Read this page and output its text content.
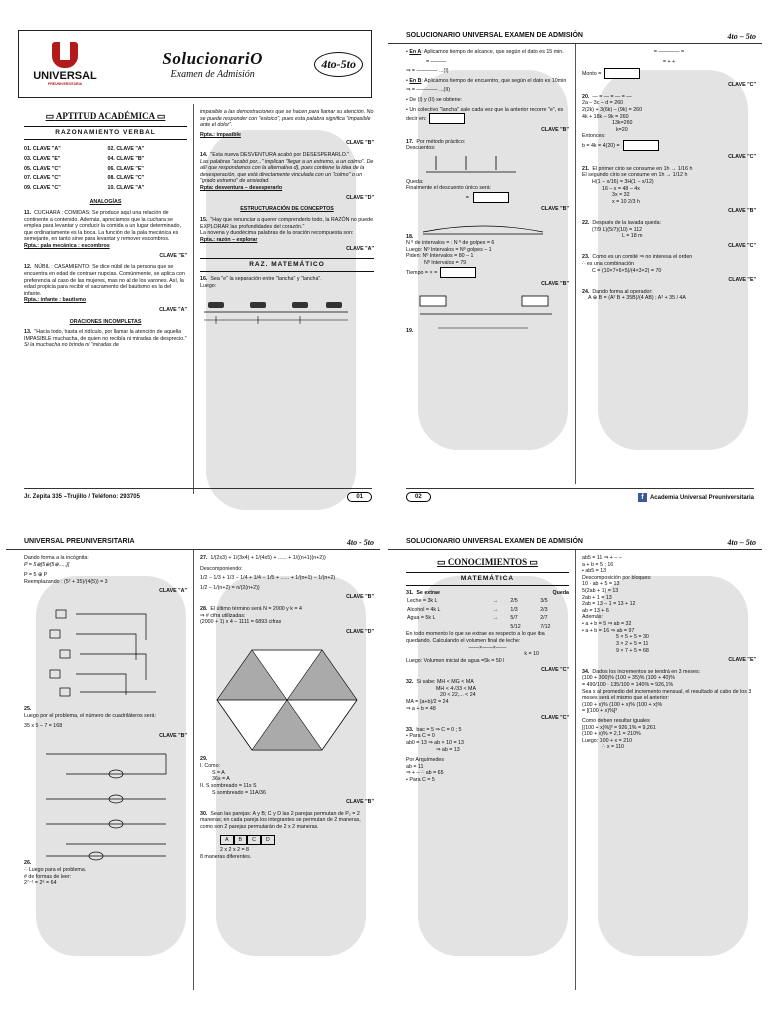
UNIVERSAL
PREUNIVERSITARIA
SolucionariO
Examen de Admisión
4to-5to
▭ APTITUD ACADÉMICA ▭
RAZONAMIENTO VERBAL
01. CLAVE "A"	02. CLAVE "A"
03. CLAVE "E"	04. CLAVE "B"
05. CLAVE "C"	06. CLAVE "E"
07. CLAVE "C"	08. CLAVE "C"
09. CLAVE "C"	10. CLAVE "A"
ANALOGÍAS
11. CUCHARA : COMIDAS: Se produce aquí una relación de continente a contenido. Además, apreciamos que la cuchara se emplea para levantar y conducir la comida a un lugar determinado, que ordinariamente es la boca. La función de la pala mecánica es semejante, en tanto sirve para levantar y remover escombros.
Rpta.: pala mecánica : escombros
CLAVE "E"
12. NÚBIL : CASAMIENTO: Se dice núbil de la persona que se encuentra en edad de contraer nupcias. Comúnmente, se aplica con preferencia al caso de las mujeres, mas no al de los varones. Así, la edad propicia para recibir el sacramento del bautismo es la del infante.
Rpta.: infante : bautismo
CLAVE "A"
ORACIONES INCOMPLETAS
13. "Hacia todo, hasta el ridículo, por llamar la atención de aquella IMPASIBLE muchacha, de quien no recibía ni miradas de desprecio."
Si la muchacha no brinda ni "miradas de
impasible a las demostraciones que se hacen para llamar su atención. No se puede responder con "estoico", pues esta palabra significa "impasible ante el dolor".
Rpta.: impasible
CLAVE "B"
14. "Esta nueva DESVENTURA acabó por DESESPERARLO."
Las palabras "acabó por..." implican "llegar a un extremo, a un colmo". De allí que respondamos con la alternativa d), pues contiene la idea de la desesperación, que está directamente vinculada con un "colmo" o un "grado extremo" de ansiedad.
Rpta: desventura – desesperarlo
CLAVE "D"
ESTRUCTURACIÓN DE CONCEPTOS
15. "Hay que renunciar a querer comprenderlo todo, la RAZÓN no puede EXPLORAR las profundidades del corazón."
La novena y duodécima palabras de la oración recompuesta son:
Rpta.: razón – explorar
CLAVE "A"
RAZ. MATEMÁTICO
16. Sea "e" la separación entre "lancha" y "lancha".
Luego:
Jr. Zepita 335 –Trujillo / Teléfono: 293705	01
SOLUCIONARIO UNIVERSAL EXAMEN DE ADMISIÓN	4to – 5to
• En A: Aplicamos tiempo de alcance, que según el dato es 15 min.
= ———
⇒ = ———— ...(I)
• En B: Aplicamos tiempo de encuentro, que según el dato es 10min
⇒ = ———— ...(II)
• De (I) y (II) se obtiene:
• Un colectivo "lancha" sale cada vez que la anterior recorre "e", es decir en:
CLAVE "B"
17. Por método práctico:
Descuentos:
Queda:
Finalmente el descuento único será:
=
CLAVE "B"
18.
N º de intervalos = : N º de golpes = 6
Luego: Nº Intervalos = Nº golpes – 1
Piden: Nº Intervalos = 80 – 1
Nº Intervalos = 79
Tiempo = × =
CLAVE "B"
19.
= ———— =
= + +
Monto =
CLAVE "C"
20. — = — = — = —
2a – 3c – d = 260
2(2k) + 3(6k) – (9k) = 260
4k + 18k – 9k = 260
13k=260
k=20
Entonces:
b = 4k = 4(20) =
CLAVE "C"
21. El primer cirio se consume en 1h → 1/16 h
El segundo cirio se consume en 1h → 1/12 h
H(1 − x/16) = 3H(1 − x/12)
16 – x = 48 – 4x
3x = 32
x = 10 2/3 h
CLAVE "B"
22. Después de la lavada queda:
(7/9 L)(5/7)(10) = 112
L = 18 m
CLAVE "C"
23. Como es un comité ⇒ no interesa el orden
∴ es una combinación
C = (10×7×6×5)/(4×3×2) = 70
CLAVE "E"
24. Dando forma al operador:
A ⊕ B = (A² B + 35B)/(4 AB) ; A² + 35 / 4A
02	f Academia Universal Preuniversitaria
UNIVERSAL PREUNIVERSITARIA	4to - 5to
Dando forma a la incógnita:
P = 5⊕[5⊕(5⊕.....)]
P = 5 ⊕ P
Reemplazando : (5² + 35)/(4(5)) = 3
CLAVE "A"
25.
Luego por el problema, el número de cuadriláteros será:
35 x 5 – 7 = 168
CLAVE "B"
26.
∴ Luego para el problema.
# de formas de leer:
2⁷⁻¹ = 2⁶ = 64
27. 1/(2x3) + 1/(3x4) + 1/(4x5) + ...... + 1/((n+1)(n+2))
Descomponiendo:
1/2 − 1/3 + 1/3 − 1/4 + 1/4 − 1/5 + ...... + 1/(n+1) − 1/(n+2)
1/2 – 1/(n+2) = n/(2(n+2))
CLAVE "B"
28. El último término será N = 2000 y k = 4
⇒ # cifra utilizadas:
(2000 + 1) x 4 – 1111 = 6893 cifras
CLAVE "D"
29.
I. Como:
S = A
36s = A
II. S sombreado = 11s S
S sombreado = 11A/36
CLAVE "B"
30. Sean las parejas: A y B; C y D las 2 parejas permutan de P₂ = 2 maneras; en cada pareja los integrantes se permutan de 2 maneras, como son 2 parejas permutarán de 2 x 2 maneras.
A	B	C	D
2 x 2 x 2 = 8
8 maneras diferentes.
SOLUCIONARIO UNIVERSAL EXAMEN DE ADMISIÓN	4to – 5to
▭ CONOCIMIENTOS ▭
MATEMÁTICA
31. Se extrae	Queda
Leche = 3k L	→	2/5	3/5
Alcohol = 4k L	→	1/3	2/3
Agua = 5k L	→	5/7	2/7
		5/12	7/12
En todo momento lo que se extrae es respecto a lo que iba quedando. Calculando el volumen final de leche:
——×——×——
k = 10
Luego: Volumen inicial de agua =5k = 50 l
CLAVE "C"
32. Si sabe: MH < MG < MA
MH < 4√33 < MA
20 < 22,... < 24
MA = (a+b)/2 = 24
⇒ a + b = 48
CLAVE "C"
33. bac = 5 ⇒ C = 0 ; 5
• Para C = 0
ab0 = 13 ⇒ ab × 10 = 13
⇒ ab = 13
Por Arquímedes
ab = 11
⇒ + – ∴ ab = 65
• Para C = 5
ab5 = 11 ⇒ + – –
a + b = 5 ; 16
• ab5 = 13
Descomposición por bloques:
10 · ab + 5 = 13
5(2ab + 1) = 13
2ab + 1 = 13
2ab = 13 – 1 = 13 + 12
ab = 13 + 6
Además:
• a + b = 5 ⇒ ab = 32
• a + b = 16 ⇒ ab = 97
5 × 5 + 5 = 30
3 × 2 + 5 = 11
9 × 7 + 5 = 68
CLAVE "E"
34. Dados los incrementos se tendrá en 3 meses:
(100 + 300)% (100 + 35)% (100 + 40)%
= 490/100 · 135/100 = 140% = 926,1%
Sea x al promedio del incremento mensual, el resultado al cabo de los 3 meses será el mismo que el anterior:
(100 + x)% (100 + x)% (100 + x)%
= [(100 + x)%]³
Como deben resultar iguales
[(100 + x)%]³ = 926,1% = 9,261
(100 + x)% = 2,1 = 210%
Luego: 100 + x = 210
∴ x = 110
